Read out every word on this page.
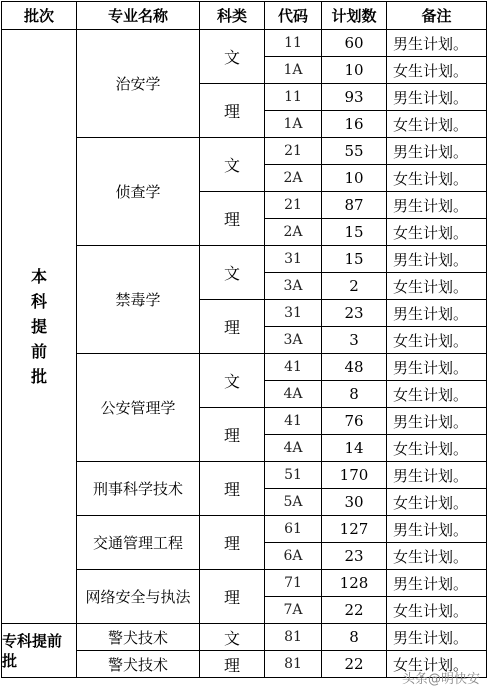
批次	专业名称	科类	代码	计划数	备注

本
科
提
前
批	治安学	文	11	60	男生计划。
			1A	10	女生计划。
		理	11	93	男生计划。
			1A	16	女生计划。
	侦查学	文	21	55	男生计划。
			2A	10	女生计划。
		理	21	87	男生计划。
			2A	15	女生计划。
	禁毒学	文	31	15	男生计划。
			3A	2	女生计划。
		理	31	23	男生计划。
			3A	3	女生计划。
	公安管理学	文	41	48	男生计划。
			4A	8	女生计划。
		理	41	76	男生计划。
			4A	14	女生计划。
	刑事科学技术	理	51	170	男生计划。
			5A	30	女生计划。
	交通管理工程	理	61	127	男生计划。
			6A	23	女生计划。
	网络安全与执法	理	71	128	男生计划。
			7A	22	女生计划。
专科提前批	警犬技术	文	81	8	男生计划。
	警犬技术	理	81	22	女生计划。
头条@明快安
